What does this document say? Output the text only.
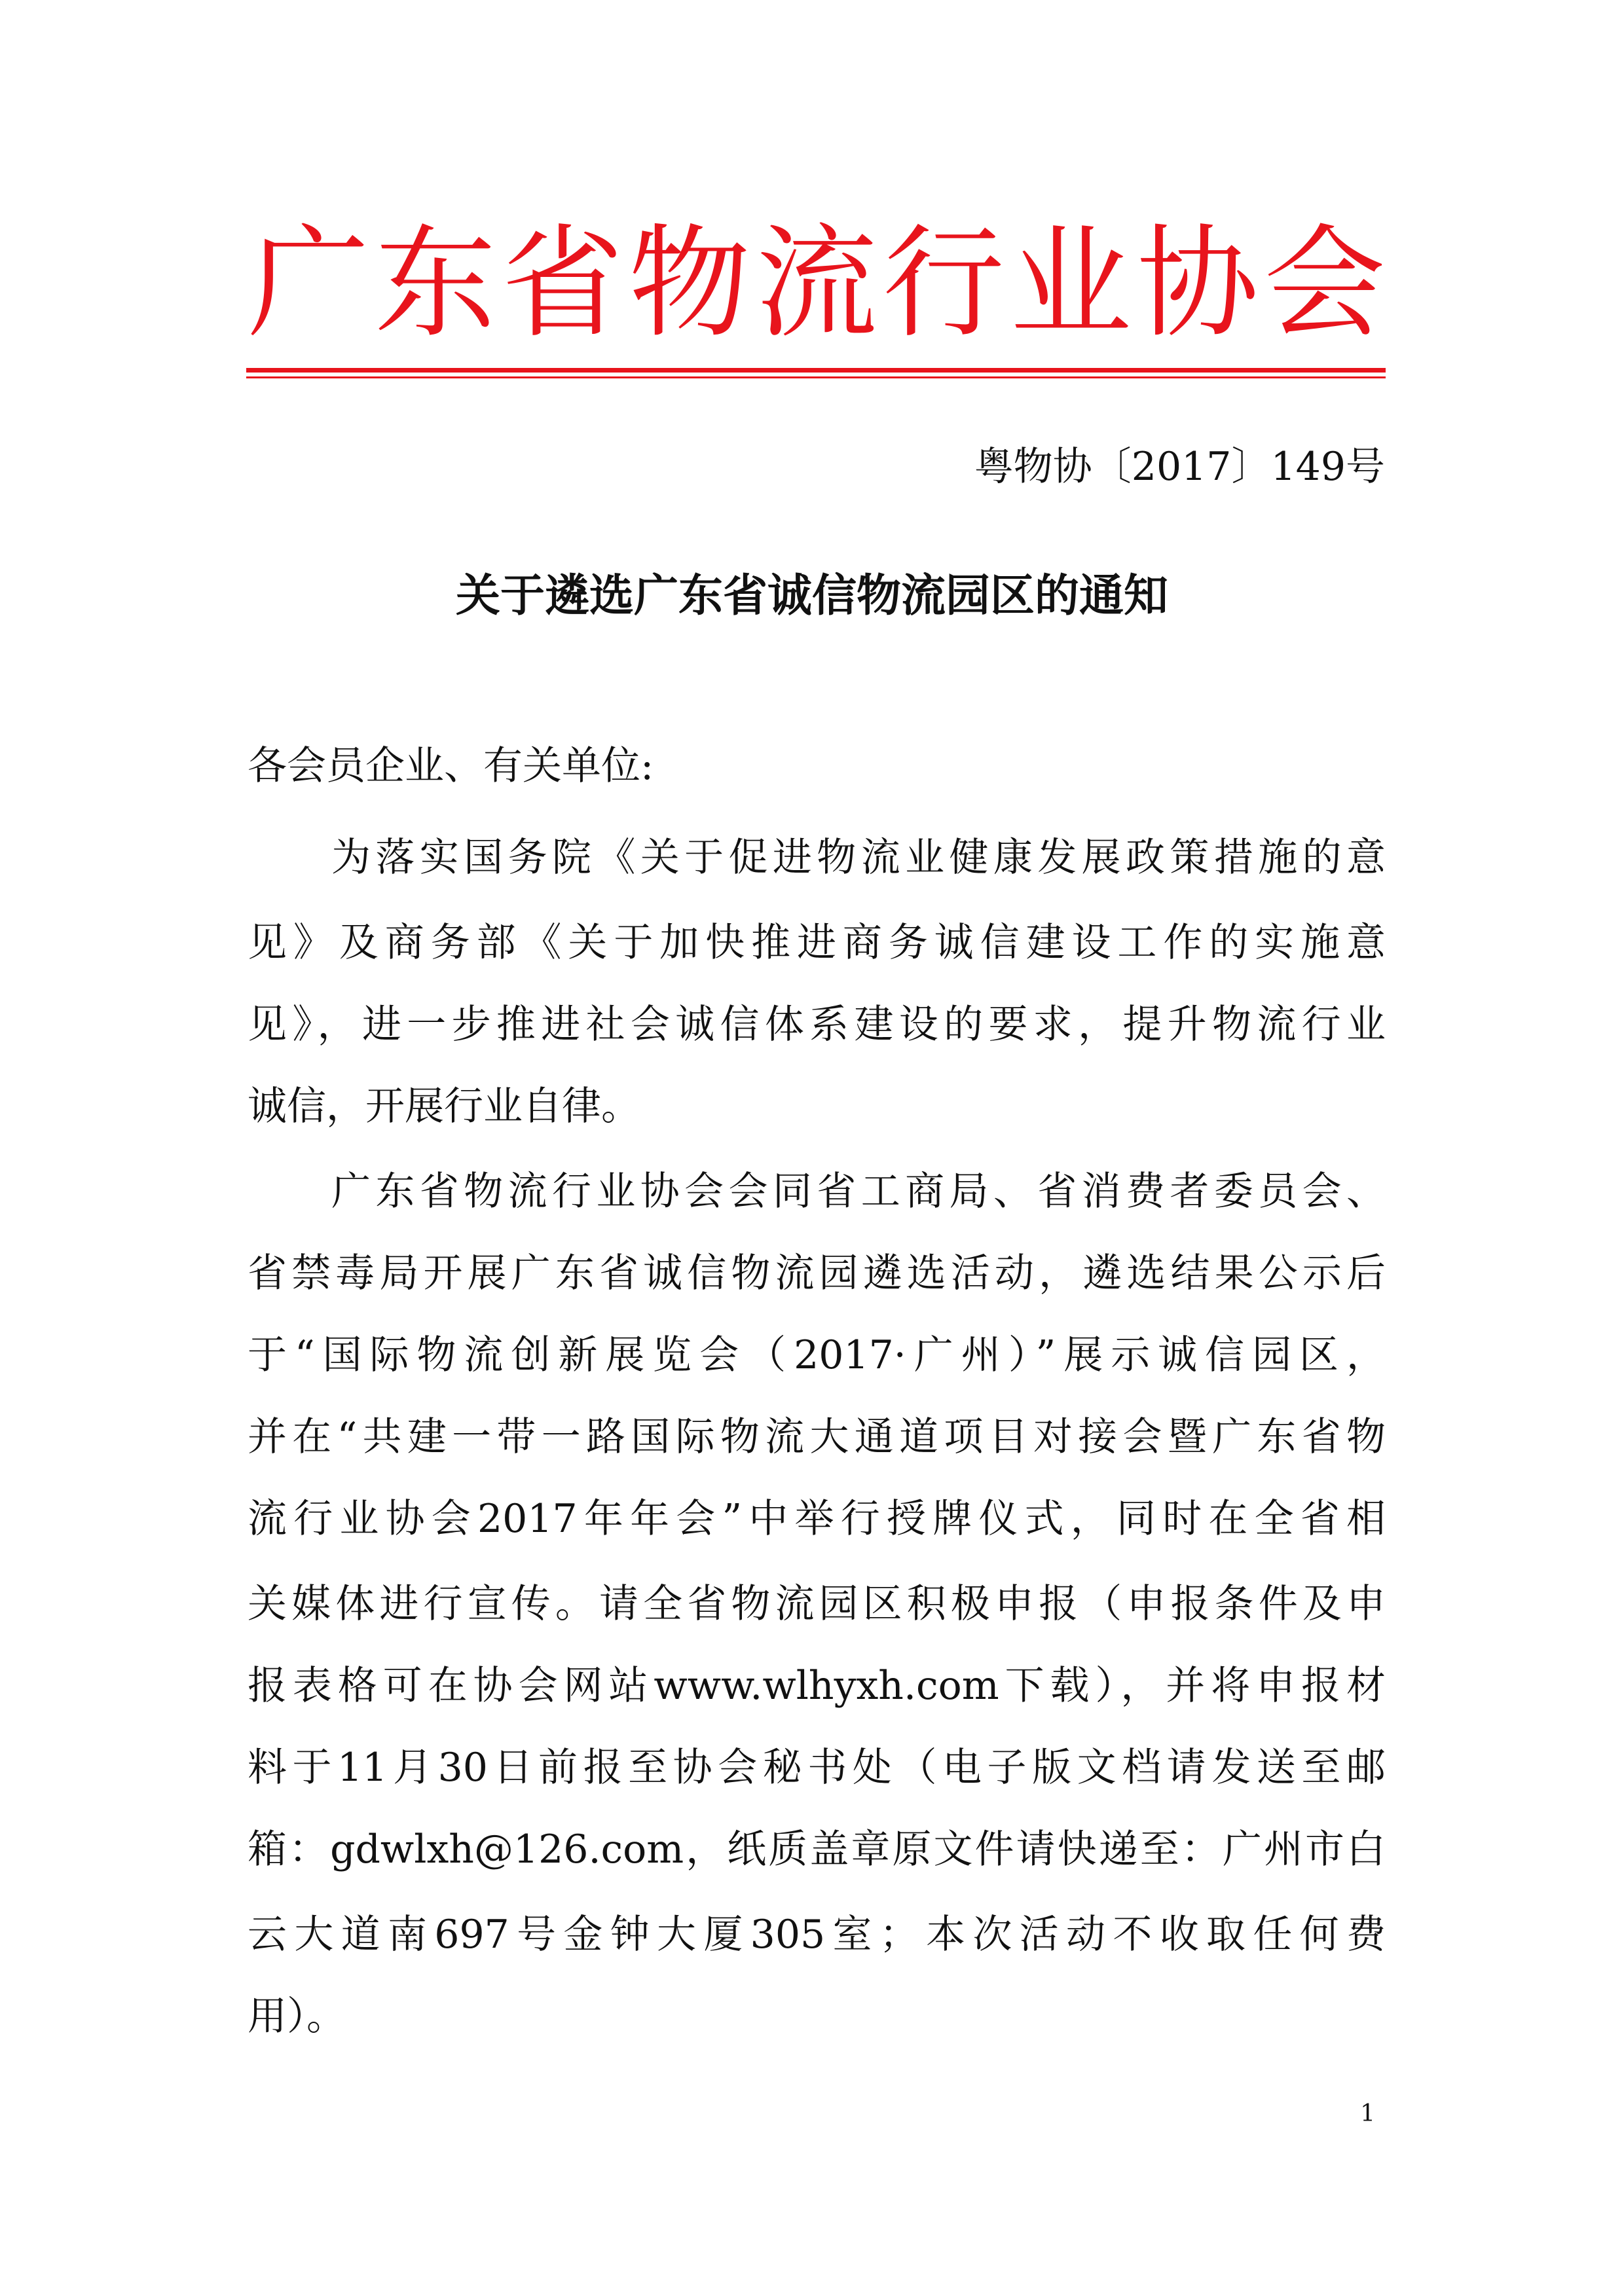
广东省物流行业协会
粤物协〔2017〕149号
关于遴选广东省诚信物流园区的通知
各会员企业、有关单位:
为落实国务院《关于促进物流业健康发展政策措施的意
见》及商务部《关于加快推进商务诚信建设工作的实施意
见》，进一步推进社会诚信体系建设的要求，提升物流行业
诚信，开展行业自律。
广东省物流行业协会会同省工商局、省消费者委员会、
省禁毒局开展广东省诚信物流园遴选活动，遴选结果公示后
于“国际物流创新展览会（2017·广州）”展示诚信园区，
并在“共建一带一路国际物流大通道项目对接会暨广东省物
流行业协会2017年年会”中举行授牌仪式，同时在全省相
关媒体进行宣传。请全省物流园区积极申报（申报条件及申
报表格可在协会网站www.wlhyxh.com下载），并将申报材
料于11月30日前报至协会秘书处（电子版文档请发送至邮
箱：gdwlxh@126.com，纸质盖章原文件请快递至：广州市白
云大道南697号金钟大厦305室；本次活动不收取任何费
用）。
1
